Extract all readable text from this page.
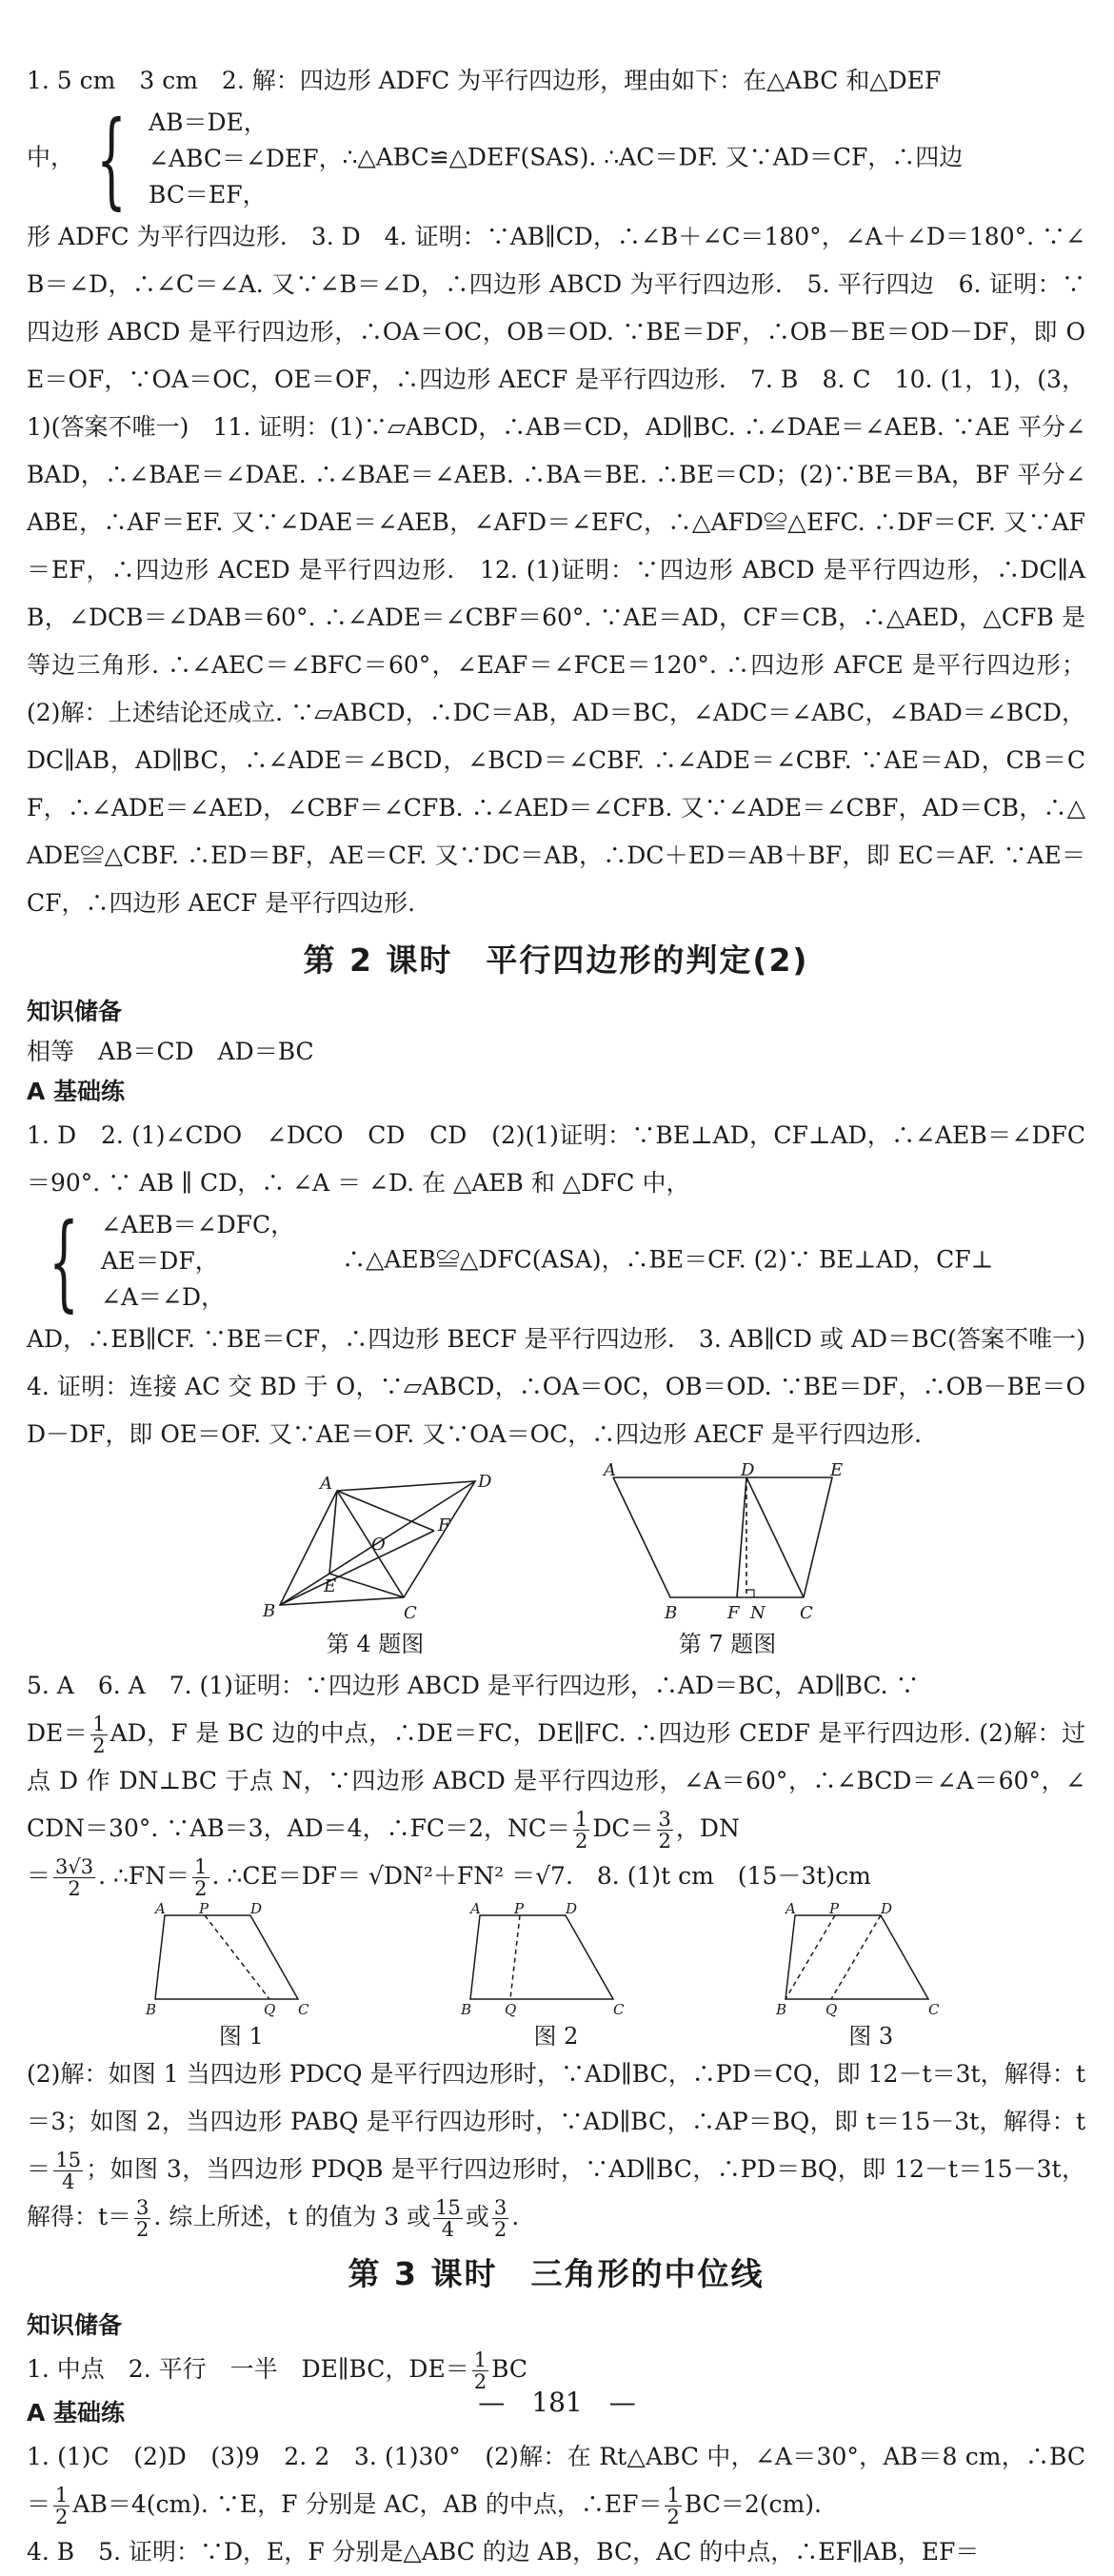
1. 5 cm　3 cm　2. 解：四边形 ADFC 为平行四边形，理由如下：在△ABC 和△DEF

中， { AB＝DE，
∠ABC＝∠DEF，
BC＝EF，
∴△ABC≌△DEF(SAS). ∴AC＝DF. 又∵AD＝CF，∴四边

形 ADFC 为平行四边形.　3. D　4. 证明：∵AB∥CD，∴∠B＋∠C＝180°，∠A＋∠D＝180°. ∵∠B＝∠D，∴∠C＝∠A. 又∵∠B＝∠D，∴四边形 ABCD 为平行四边形.　5. 平行四边　6. 证明：∵四边形 ABCD 是平行四边形，∴OA＝OC，OB＝OD. ∵BE＝DF，∴OB－BE＝OD－DF，即 OE＝OF，∵OA＝OC，OE＝OF，∴四边形 AECF 是平行四边形.　7. B　8. C　10. (1，1)，(3，1)(答案不唯一)　11. 证明：(1)∵▱ABCD，∴AB＝CD，AD∥BC. ∴∠DAE＝∠AEB. ∵AE 平分∠BAD，∴∠BAE＝∠DAE. ∴∠BAE＝∠AEB. ∴BA＝BE. ∴BE＝CD；(2)∵BE＝BA，BF 平分∠ABE，∴AF＝EF. 又∵∠DAE＝∠AEB，∠AFD＝∠EFC，∴△AFD≌△EFC. ∴DF＝CF. 又∵AF＝EF，∴四边形 ACED 是平行四边形.　12. (1)证明：∵四边形 ABCD 是平行四边形，∴DC∥AB，∠DCB＝∠DAB＝60°. ∴∠ADE＝∠CBF＝60°. ∵AE＝AD，CF＝CB，∴△AED，△CFB 是等边三角形. ∴∠AEC＝∠BFC＝60°，∠EAF＝∠FCE＝120°. ∴四边形 AFCE 是平行四边形；(2)解：上述结论还成立. ∵▱ABCD，∴DC＝AB，AD＝BC，∠ADC＝∠ABC，∠BAD＝∠BCD，DC∥AB，AD∥BC，∴∠ADE＝∠BCD，∠BCD＝∠CBF. ∴∠ADE＝∠CBF. ∵AE＝AD，CB＝CF，∴∠ADE＝∠AED，∠CBF＝∠CFB. ∴∠AED＝∠CFB. 又∵∠ADE＝∠CBF，AD＝CB，∴△ADE≌△CBF. ∴ED＝BF，AE＝CF. 又∵DC＝AB，∴DC＋ED＝AB＋BF，即 EC＝AF. ∵AE＝CF，∴四边形 AECF 是平行四边形.

第 2 课时　平行四边形的判定(2)
知识储备

相等　AB＝CD　AD＝BC

A 基础练

1. D　2. (1)∠CDO　∠DCO　CD　CD　(2)(1)证明：∵BE⊥AD，CF⊥AD，∴∠AEB＝∠DFC＝90°. ∵ AB ∥ CD，∴ ∠A ＝ ∠D. 在 △AEB 和 △DFC 中，

{ ∠AEB＝∠DFC，
AE＝DF，
∠A＝∠D，
　　∴△AEB≌△DFC(ASA)，∴BE＝CF. (2)∵ BE⊥AD，CF⊥

AD，∴EB∥CF. ∵BE＝CF，∴四边形 BECF 是平行四边形.　3. AB∥CD 或 AD＝BC(答案不唯一)　4. 证明：连接 AC 交 BD 于 O，∵▱ABCD，∴OA＝OC，OB＝OD. ∵BE＝DF，∴OB－BE＝OD－DF，即 OE＝OF. 又∵AE＝OF. 又∵OA＝OC，∴四边形 AECF 是平行四边形.

A	D
B	C
E
F
O
第 4 题图
A	D	E
B	F N C
第 7 题图

5. A　6. A　7. (1)证明：∵四边形 ABCD 是平行四边形，∴AD＝BC，AD∥BC. ∵

$DE= \frac{1}{2}$ AD，F 是 BC 边的中点，∴DE＝FC，DE∥FC. ∴四边形 CEDF 是平行四边形. (2)解：过点 D 作 DN⊥BC 于点 N，∵四边形 ABCD 是平行四边形，∠A＝60°，∴∠BCD＝∠A＝60°，∠CDN＝30°. ∵AB＝3，AD＝4，∴FC＝2，$NC= \frac{1}{2} DC= \frac{3}{2}$ ，DN

＝ $\frac{3√3}{2}$ . ∴FN＝ $\frac{1}{2}$ . ∴CE＝DF＝ √DN²＋FN² ＝√7.　8. (1)t cm　(15－3t)cm

A P	D
B	Q C
图 1
A P	D
B Q	C
图 2
A P	D
B	Q	C
图 3

(2)解：如图 1 当四边形 PDCQ 是平行四边形时，∵AD∥BC，∴PD＝CQ，即 12－t＝3t，解得：t＝3；如图 2，当四边形 PABQ 是平行四边形时，∵AD∥BC，∴AP＝BQ，即 t＝15－3t，解得：$t= \frac{15}{4}$ ；如图 3，当四边形 PDQB 是平行四边形时，∵AD∥BC，∴PD＝BQ，即 12－t＝15－3t，解得：$t= \frac{3}{2}$ . 综上所述，t 的值为 3 或 $\frac{15}{4}$ 或 $\frac{3}{2}$ .

第 3 课时　三角形的中位线
知识储备

1. 中点　2. 平行　一半　DE∥BC，$DE= \frac{1}{2}$ BC

A 基础练

1. (1)C　(2)D　(3)9　2. 2　3. (1)30°　(2)解：在 Rt△ABC 中，∠A＝30°，AB＝8 cm，∴BC＝ $\frac{1}{2} AB=4(cm)$. ∵E，F 分别是 AC，AB 的中点，∴EF＝ $\frac{1}{2} BC=2(cm)$.

4. B　5. 证明：∵D，E，F 分别是△ABC 的边 AB，BC，AC 的中点，∴EF∥AB，EF＝

—　181　—
